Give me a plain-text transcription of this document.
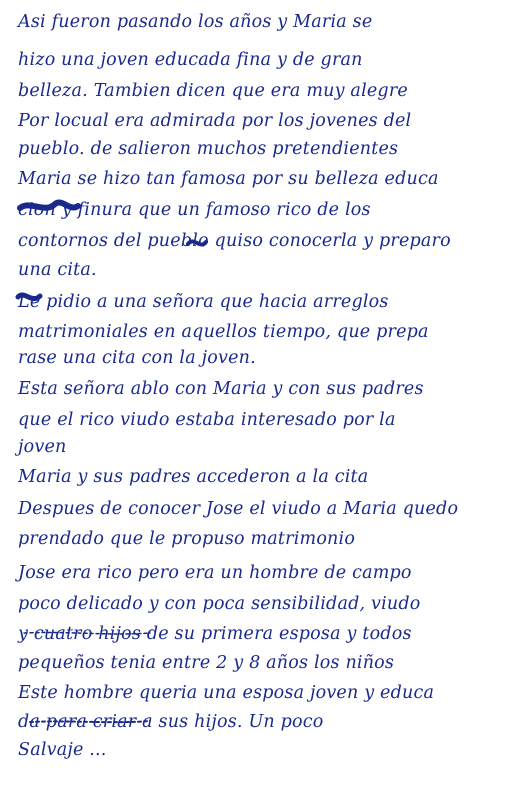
Asi fueron pasando los años y Maria se
hizo una joven educada fina y de gran
belleza. Tambien dicen que era muy alegre
Por locual era admirada por los jovenes del
pueblo. de salieron muchos pretendientes
Maria se hizo tan famosa por su belleza educa
cion y finura que un famoso rico de los
contornos del pueblo quiso conocerla y preparo
una cita.
Le pidio a una señora que hacia arreglos
matrimoniales en aquellos tiempo, que prepa
rase una cita con la joven.
Esta señora ablo con Maria y con sus padres
que el rico viudo estaba interesado por la
joven
Maria y sus padres accederon a la cita
Despues de conocer Jose el viudo a Maria quedo
prendado que le propuso matrimonio
Jose era rico pero era un hombre de campo
poco delicado y con poca sensibilidad, viudo
y cuatro hijos de su primera esposa y todos
pequeños tenia entre 2 y 8 años los niños
Este hombre queria una esposa joven y educa
da para criar a sus hijos. Un poco
Salvaje ...
